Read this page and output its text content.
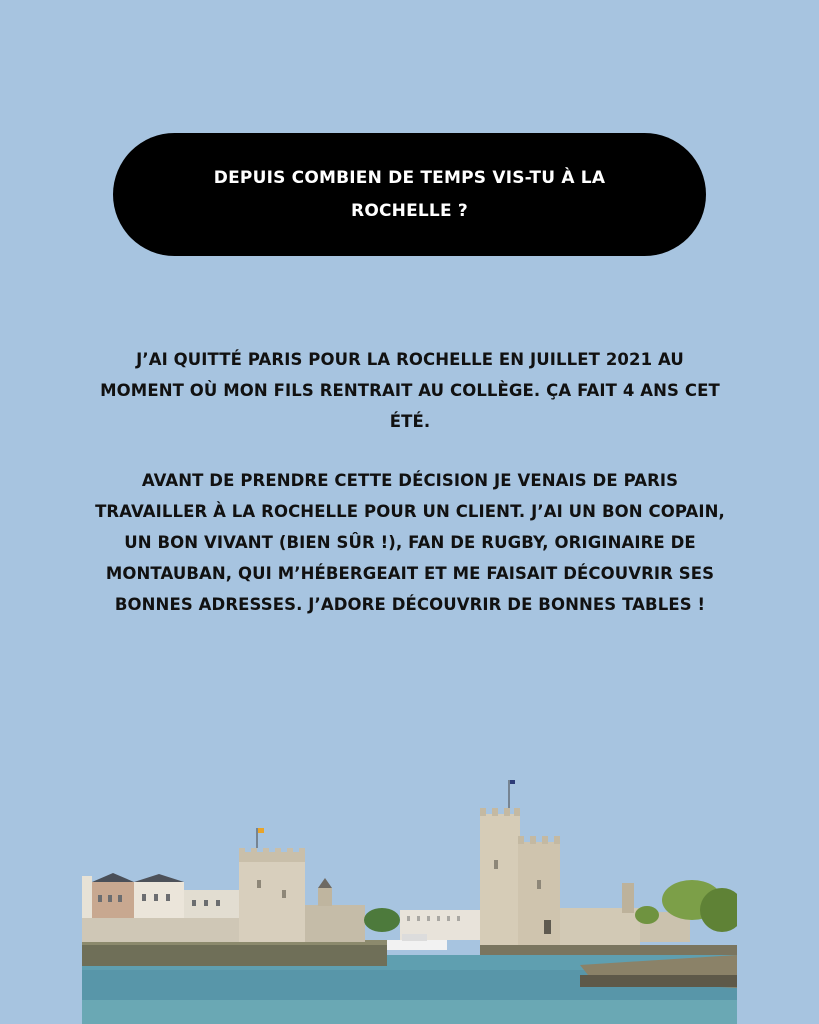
DEPUIS COMBIEN DE TEMPS VIS-TU À LA ROCHELLE ?
J’AI QUITTÉ PARIS POUR LA ROCHELLE EN JUILLET 2021 AU MOMENT OÙ MON FILS RENTRAIT AU COLLÈGE. ÇA FAIT 4 ANS CET ÉTÉ.
AVANT DE PRENDRE CETTE DÉCISION JE VENAIS DE PARIS TRAVAILLER À LA ROCHELLE POUR UN CLIENT. J’AI UN BON COPAIN, UN BON VIVANT (BIEN SÛR !), FAN DE RUGBY, ORIGINAIRE DE MONTAUBAN, QUI M’HÉBERGEAIT ET ME FAISAIT DÉCOUVRIR SES BONNES ADRESSES. J’ADORE DÉCOUVRIR DE BONNES TABLES !
